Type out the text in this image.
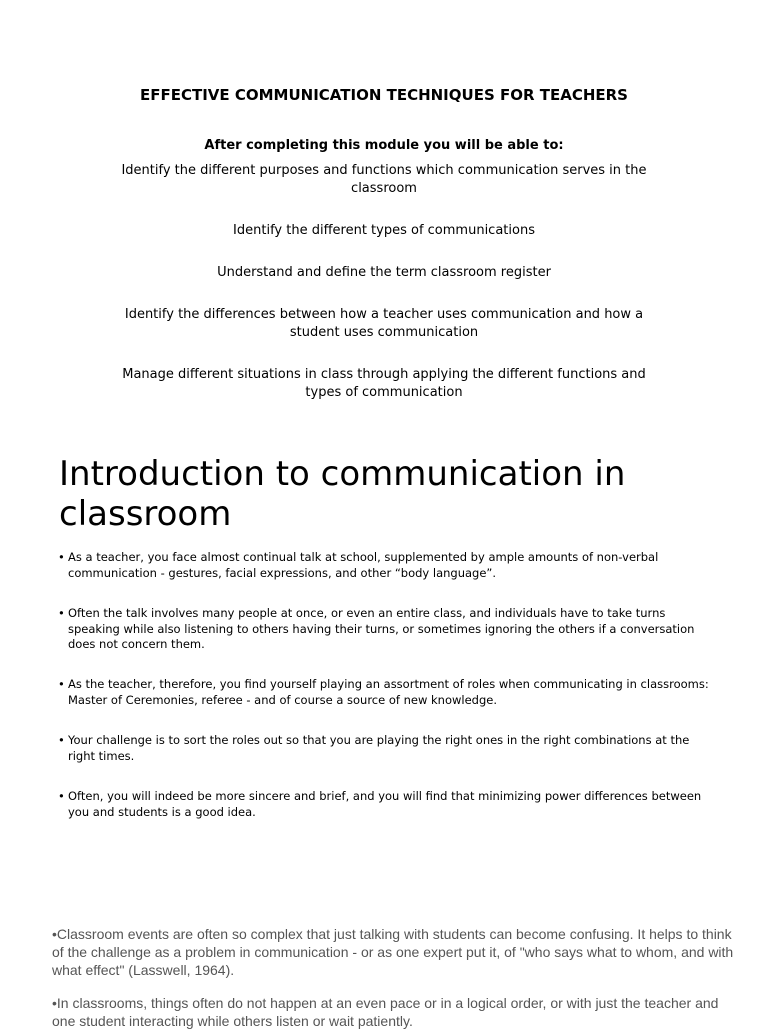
EFFECTIVE COMMUNICATION TECHNIQUES FOR TEACHERS
After completing this module you will be able to:

Identify the different purposes and functions which communication serves in the classroom

Identify the different types of communications

Understand and define the term classroom register

Identify the differences between how a teacher uses communication and how a student uses communication

Manage different situations in class through applying the different functions and types of communication

Introduction to communication in classroom
• As a teacher, you face almost continual talk at school, supplemented by ample amounts of non-verbal communication - gestures, facial expressions, and other “body language”.
• Often the talk involves many people at once, or even an entire class, and individuals have to take turns speaking while also listening to others having their turns, or sometimes ignoring the others if a conversation does not concern them.
• As the teacher, therefore, you find yourself playing an assortment of roles when communicating in classrooms: Master of Ceremonies, referee - and of course a source of new knowledge.
• Your challenge is to sort the roles out so that you are playing the right ones in the right combinations at the right times.
• Often, you will indeed be more sincere and brief, and you will find that minimizing power differences between you and students is a good idea.

•Classroom events are often so complex that just talking with students can become confusing. It helps to think of the challenge as a problem in communication - or as one expert put it, of "who says what to whom, and with what effect" (Lasswell, 1964).

•In classrooms, things often do not happen at an even pace or in a logical order, or with just the teacher and one student interacting while others listen or wait patiently.
